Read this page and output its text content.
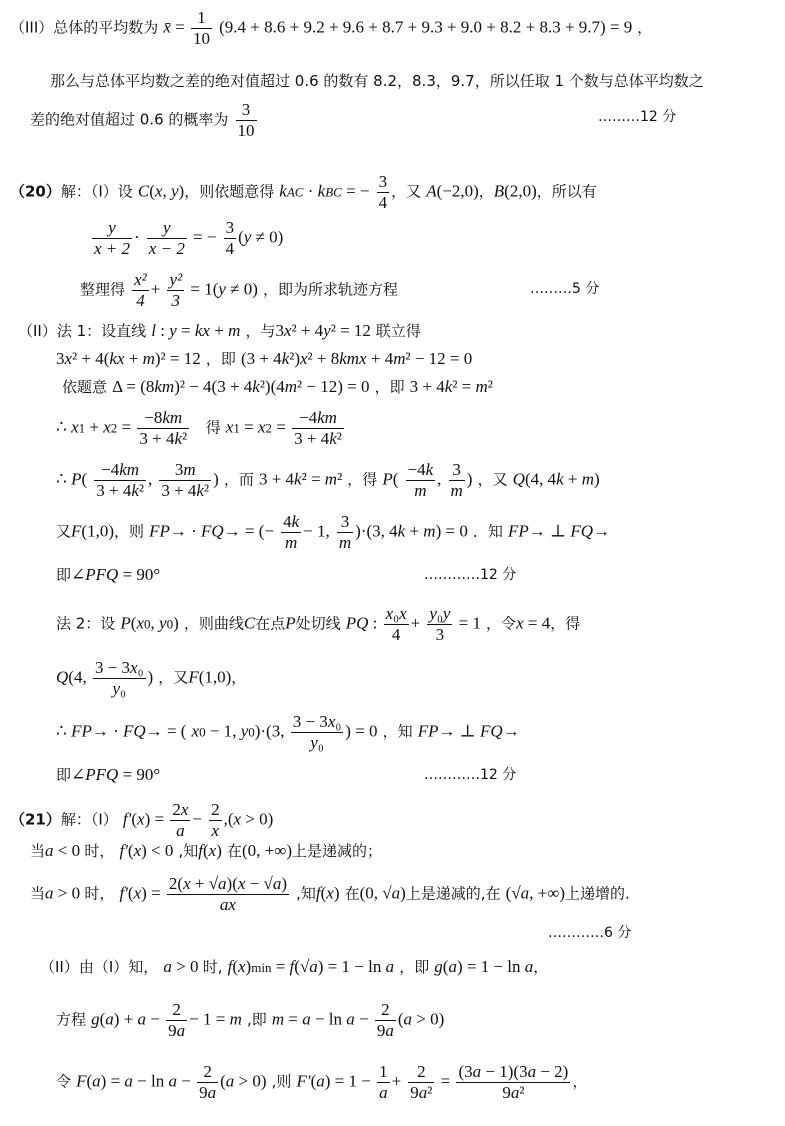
（III）总体的平均数为 x̄ = $\frac{1}{10} (9.4 + 8.6 + 9.2 + 9.6 + 8.7 + 9.3 + 9.0 + 8.2 + 8.3 + 9.7) = 9$ ，
那么与总体平均数之差的绝对值超过 0.6 的数有 8.2，8.3，9.7，所以任取 1 个数与总体平均数之
差的绝对值超过 0.6 的概率为 $\frac{3}{10}$	………12 分
（20）解：（I）设 C(x, y)，则依题意得 kAC · kBC = − $\frac{3}{4}$ ，又 A(−2,0)，B(2,0)，所以有
$\frac{y}{x + 2} \cdot \frac{y}{x - 2}$ = − $\frac{3}{4} (y \ne 0)$
整理得 $\frac{\text{x²}}{4} + \frac{\text{y²}}{3} = 1(y \ne 0)$ ，即为所求轨迹方程	………5 分
（II）法 1：设直线 l : y = kx + m ，与3x² + 4y² = 12 联立得
3x² + 4(kx + m)² = 12 ，即 (3 + 4k²)x² + 8kmx + 4m² − 12 = 0
依题意 Δ = (8km)² − 4(3 + 4k²)(4m² − 12) = 0 ，即 3 + 4k² = m²
∴ $x1 + x2 = \frac{-8km}{\text{3 + 4k²}}$ 得 $x1 = x2 = \frac{-4km}{\text{3 + 4k²}}$
∴ $P( \frac{-4km}{\text{3 + 4k²}}$ , $\frac{3m}{\text{3 + 4k²}}$ ) ，而 3 + 4k² = m² ，得 $P( \frac{-4k}{m}$ , $\frac{3}{m}$ ) ，又 Q(4, 4k + m)
又F(1,0)，则 FP→ · FQ→ = (− $\frac{4k}{m} - 1$, $\frac{3}{m} )\cdot(3$, 4k + m) = 0 ．知 FP→ ⊥ FQ→
即∠PFQ = 90°	…………12 分
法 2：设 P(x0, y0) ，则曲线C在点P处切线 PQ : $\frac{\text{x₀x}}{4} + \frac{\text{y₀y}}{3} = 1$ ，令x = 4，得
Q(4, $\frac{\text{3 − 3x₀}}{\text{y₀}}$ ) ，又F(1,0)，
∴ FP→ · FQ→ = ( x0 − 1, y0)·(3, $\frac{\text{3 − 3x₀}}{\text{y₀}}$ ) = 0 ，知 FP→ ⊥ FQ→
即∠PFQ = 90°	…………12 分
（21）解：（I） $f'(x) = \frac{2x}{a} - \frac{2}{x} ,(x > 0)$
当a < 0 时， f′(x) < 0 ,知f(x) 在(0, +∞)上是递减的；
当a > 0 时， $f'(x) = \frac{2(x + √a)(x - √a)}{ax}$ ,知f(x) 在(0, √a)上是递减的,在 (√a, +∞)上递增的.
…………6 分
（II）由（I）知， a > 0 时, f(x)min = f(√a) = 1 − ln a ，即 g(a) = 1 − ln a，
方程 $g(a) + a - \frac{2}{9a} - 1 = m$ ,即 $m = a - \ln a - \frac{2}{9a} (a > 0)$
令 $F(a) = a - \ln a - \frac{2}{9a} (a > 0)$ ,则 $F'(a) = 1 - \frac{1}{a} + \frac{2}{\text{9a²}} = \frac{(3a - 1)(3a - 2)}{\text{9a²}}$ ，
